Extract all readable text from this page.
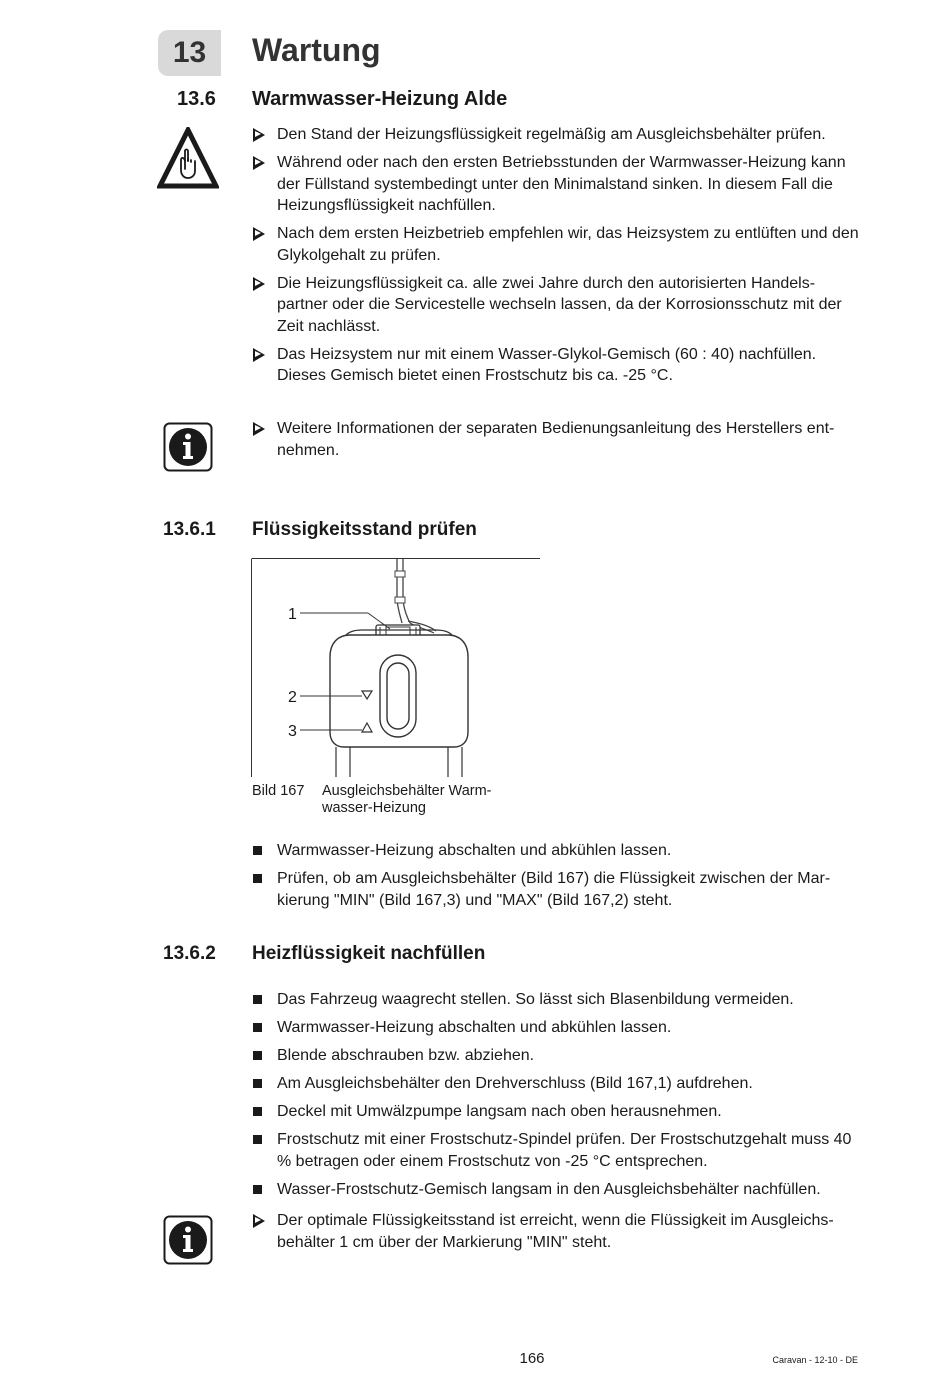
13	Wartung
13.6 Warmwasser-Heizung Alde
Den Stand der Heizungsflüssigkeit regelmäßig am Ausgleichsbehälter prüfen.
Während oder nach den ersten Betriebsstunden der Warmwasser-Heizung kann der Füllstand systembedingt unter den Minimalstand sinken. In diesem Fall die Heizungsflüssigkeit nachfüllen.
Nach dem ersten Heizbetrieb empfehlen wir, das Heizsystem zu entlüften und den Glykolgehalt zu prüfen.
Die Heizungsflüssigkeit ca. alle zwei Jahre durch den autorisierten Handels-partner oder die Servicestelle wechseln lassen, da der Korrosionsschutz mit der Zeit nachlässt.
Das Heizsystem nur mit einem Wasser-Glykol-Gemisch (60 : 40) nachfüllen. Dieses Gemisch bietet einen Frostschutz bis ca. -25 °C.
Weitere Informationen der separaten Bedienungsanleitung des Herstellers ent-nehmen.
13.6.1 Flüssigkeitsstand prüfen
1
2
3
Bild 167 Ausgleichsbehälter Warm-
wasser-Heizung
Warmwasser-Heizung abschalten und abkühlen lassen.
Prüfen, ob am Ausgleichsbehälter (Bild 167) die Flüssigkeit zwischen der Mar-kierung "MIN" (Bild 167,3) und "MAX" (Bild 167,2) steht.
13.6.2 Heizflüssigkeit nachfüllen
Das Fahrzeug waagrecht stellen. So lässt sich Blasenbildung vermeiden.
Warmwasser-Heizung abschalten und abkühlen lassen.
Blende abschrauben bzw. abziehen.
Am Ausgleichsbehälter den Drehverschluss (Bild 167,1) aufdrehen.
Deckel mit Umwälzpumpe langsam nach oben herausnehmen.
Frostschutz mit einer Frostschutz-Spindel prüfen. Der Frostschutzgehalt muss 40 % betragen oder einem Frostschutz von -25 °C entsprechen.
Wasser-Frostschutz-Gemisch langsam in den Ausgleichsbehälter nachfüllen.
Der optimale Flüssigkeitsstand ist erreicht, wenn die Flüssigkeit im Ausgleichs-behälter 1 cm über der Markierung "MIN" steht.
166	Caravan - 12-10 - DE
